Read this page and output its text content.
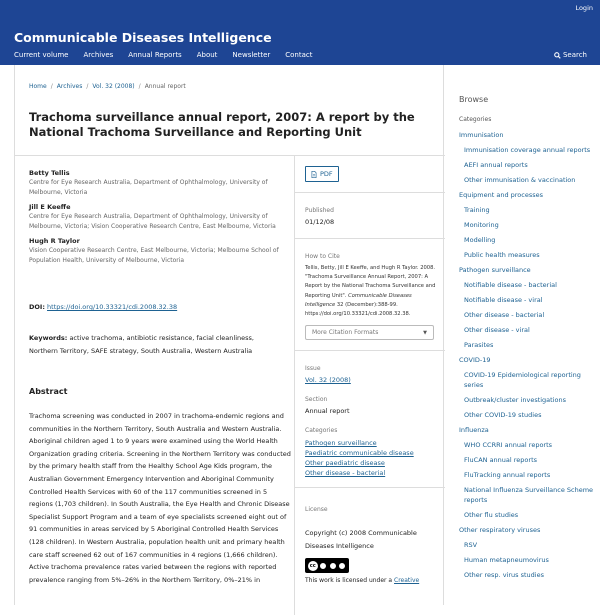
Login
Communicable Diseases Intelligence
Current volume Archives Annual Reports About Newsletter Contact	Search
Home / Archives / Vol. 32 (2008) / Annual report
Trachoma surveillance annual report, 2007: A report by the National Trachoma Surveillance and Reporting Unit
Betty Tellis
Centre for Eye Research Australia, Department of Ophthalmology, University of Melbourne, Victoria
Jill E Keeffe
Centre for Eye Research Australia, Department of Ophthalmology, University of Melbourne, Victoria; Vision Cooperative Research Centre, East Melbourne, Victoria
Hugh R Taylor
Vision Cooperative Research Centre, East Melbourne, Victoria; Melbourne School of Population Health, University of Melbourne, Victoria
DOI: https://doi.org/10.33321/cdi.2008.32.38
Keywords: active trachoma, antibiotic resistance, facial cleanliness, Northern Territory, SAFE strategy, South Australia, Western Australia
Abstract

Trachoma screening was conducted in 2007 in trachoma-endemic regions and communities in the Northern Territory, South Australia and Western Australia. Aboriginal children aged 1 to 9 years were examined using the World Health Organization grading criteria. Screening in the Northern Territory was conducted by the primary health staff from the Healthy School Age Kids program, the Australian Government Emergency Intervention and Aboriginal Community Controlled Health Services with 60 of the 117 communities screened in 5 regions (1,703 children). In South Australia, the Eye Health and Chronic Disease Specialist Support Program and a team of eye specialists screened eight out of 91 communities in areas serviced by 5 Aboriginal Controlled Health Services (128 children). In Western Australia, population health unit and primary health care staff screened 62 out of 167 communities in 4 regions (1,666 children). Active trachoma prevalence rates varied between the regions with reported prevalence ranging from 5%–26% in the Northern Territory, 0%–21% in

PDF
Published
01/12/08
How to Cite
Tellis, Betty, Jill E Keeffe, and Hugh R Taylor. 2008. "Trachoma Surveillance Annual Report, 2007: A Report by the National Trachoma Surveillance and Reporting Unit". Communicable Diseases Intelligence 32 (December):388-99. https://doi.org/10.33321/cdi.2008.32.38.
More Citation Formats	▼
Issue
Vol. 32 (2008)
Section
Annual report
Categories
Pathogen surveillance
Paediatric communicable disease
Other paediatric disease
Other disease - bacterial
License
Copyright (c) 2008 Communicable Diseases Intelligence
cc
This work is licensed under a Creative
Browse
Categories
Immunisation
Immunisation coverage annual reports
AEFI annual reports
Other immunisation & vaccination
Equipment and processes
Training
Monitoring
Modelling
Public health measures
Pathogen surveillance
Notifiable disease - bacterial
Notifiable disease - viral
Other disease - bacterial
Other disease - viral
Parasites
COVID-19
COVID-19 Epidemiological reporting series
Outbreak/cluster investigations
Other COVID-19 studies
Influenza
WHO CCRRI annual reports
FluCAN annual reports
FluTracking annual reports
National Influenza Surveillance Scheme reports
Other flu studies
Other respiratory viruses
RSV
Human metapneumovirus
Other resp. virus studies
